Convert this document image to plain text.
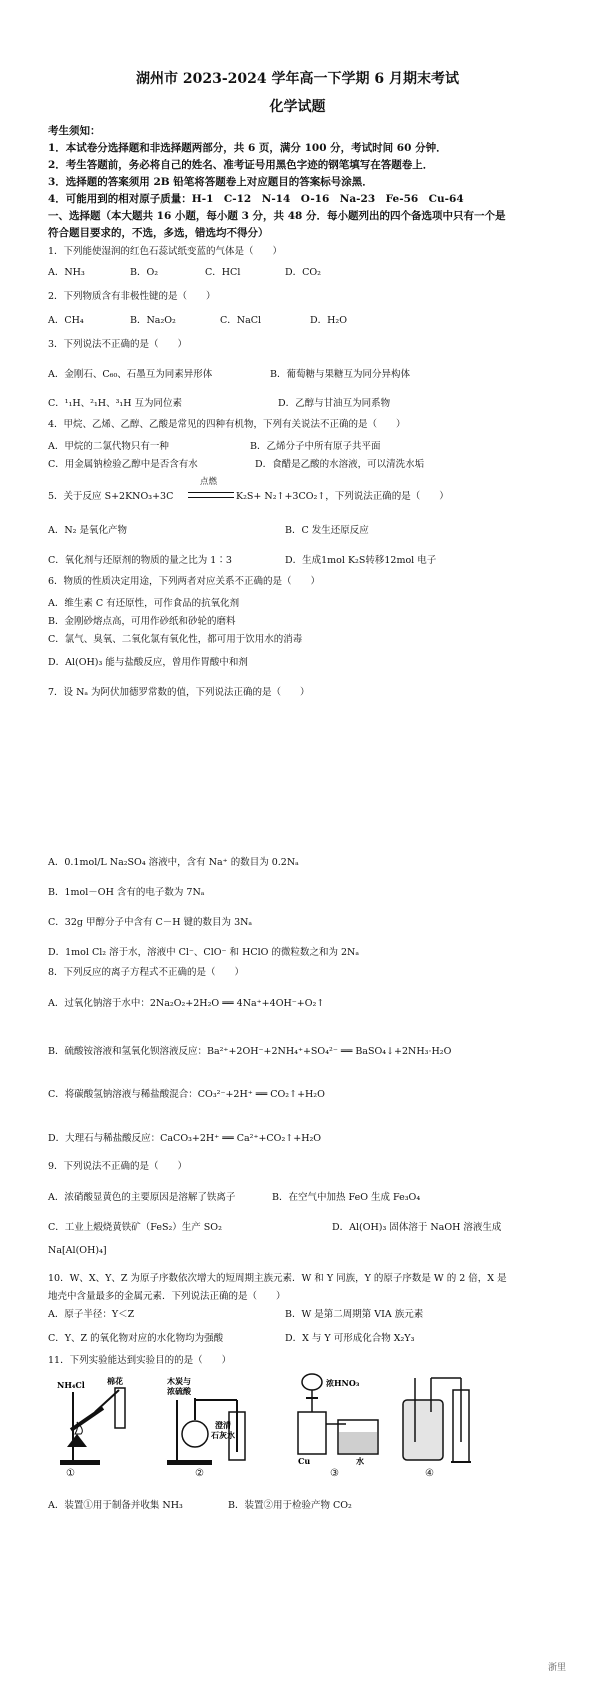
湖州市 2023-2024 学年高一下学期 6 月期末考试
化学试题
考生须知：
1．本试卷分选择题和非选择题两部分，共 6 页，满分 100 分，考试时间 60 分钟．
2．考生答题前，务必将自己的姓名、准考证号用黑色字迹的钢笔填写在答题卷上．
3．选择题的答案须用 2B 铅笔将答题卷上对应题目的答案标号涂黑．
4．可能用到的相对原子质量：H-1　C-12　N-14　O-16　Na-23　Fe-56　Cu-64
一、选择题（本大题共 16 小题，每小题 3 分，共 48 分．每小题列出的四个备选项中只有一个是
符合题目要求的，不选，多选，错选均不得分）
1．下列能使湿润的红色石蕊试纸变蓝的气体是（　　）
A．NH₃	B．O₂	C．HCl	D．CO₂
2．下列物质含有非极性键的是（　　）
A．CH₄	B．Na₂O₂	C．NaCl	D．H₂O
3．下列说法不正确的是（　　）
A．金刚石、C₆₀、石墨互为同素异形体	B．葡萄糖与果糖互为同分异构体
C．¹₁H、²₁H、³₁H 互为同位素	D．乙醇与甘油互为同系物
4．甲烷、乙烯、乙醇、乙酸是常见的四种有机物，下列有关说法不正确的是（　　）
A．甲烷的二氯代物只有一种	B．乙烯分子中所有原子共平面
C．用金属钠检验乙醇中是否含有水	D．食醋是乙酸的水溶液，可以清洗水垢
5．关于反应 S+2KNO₃+3C
点燃
K₂S+ N₂↑+3CO₂↑，下列说法正确的是（　　）
A．N₂ 是氧化产物	B．C 发生还原反应
C．氧化剂与还原剂的物质的量之比为 1∶3	D．生成1mol K₂S转移12mol 电子
6．物质的性质决定用途，下列两者对应关系不正确的是（　　）
A．维生素 C 有还原性，可作食品的抗氧化剂
B．金刚砂熔点高，可用作砂纸和砂轮的磨料
C．氯气、臭氧、二氧化氯有氧化性，都可用于饮用水的消毒
D．Al(OH)₃ 能与盐酸反应，曾用作胃酸中和剂
7．设 Nₐ 为阿伏加德罗常数的值，下列说法正确的是（　　）
A．0.1mol/L Na₂SO₄ 溶液中，含有 Na⁺ 的数目为 0.2Nₐ
B．1mol－OH 含有的电子数为 7Nₐ
C．32g 甲醇分子中含有 C－H 键的数目为 3Nₐ
D．1mol Cl₂ 溶于水，溶液中 Cl⁻、ClO⁻ 和 HClO 的微粒数之和为 2Nₐ
8．下列反应的离子方程式不正确的是（　　）
A．过氧化钠溶于水中：2Na₂O₂+2H₂O ══ 4Na⁺+4OH⁻+O₂↑
B．硫酸铵溶液和氢氧化钡溶液反应：Ba²⁺+2OH⁻+2NH₄⁺+SO₄²⁻ ══ BaSO₄↓+2NH₃·H₂O
C．将碳酸氢钠溶液与稀盐酸混合：CO₃²⁻+2H⁺ ══ CO₂↑+H₂O
D．大理石与稀盐酸反应：CaCO₃+2H⁺ ══ Ca²⁺+CO₂↑+H₂O
9．下列说法不正确的是（　　）
A．浓硝酸显黄色的主要原因是溶解了铁离子	B．在空气中加热 FeO 生成 Fe₃O₄
C．工业上煅烧黄铁矿（FeS₂）生产 SO₂	D．Al(OH)₃ 固体溶于 NaOH 溶液生成
Na[Al(OH)₄]
10．W、X、Y、Z 为原子序数依次增大的短周期主族元素．W 和 Y 同族，Y 的原子序数是 W 的 2 倍，X 是
地壳中含量最多的金属元素．下列说法正确的是（　　）
A．原子半径：Y＜Z	B．W 是第二周期第 VIA 族元素
C．Y、Z 的氧化物对应的水化物均为强酸	D．X 与 Y 可形成化合物 X₂Y₃
11．下列实验能达到实验目的的是（　　）
NH₄Cl	棉花	木炭与
浓硫酸
澄清
石灰水
浓HNO₃
水
Cu
①	②	③	④
A．装置①用于制备并收集 NH₃	B．装置②用于检验产物 CO₂
浙里
